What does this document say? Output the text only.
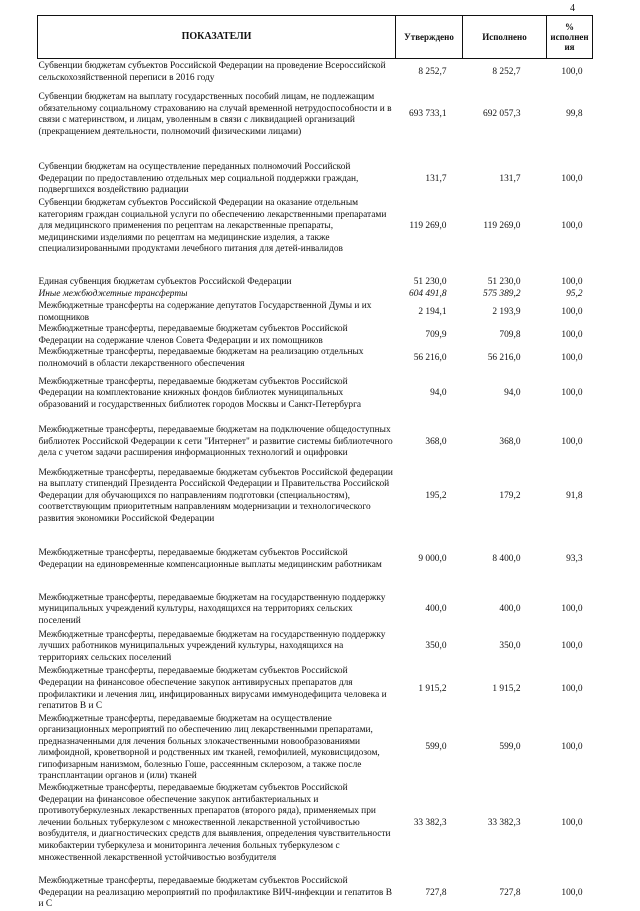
4
ПОКАЗАТЕЛИ	Утверждено	Исполнено	%
исполнен
ия
Субвенции бюджетам субъектов Российской Федерации на проведение Всероссийской сельскохозяйственной переписи в 2016 году	8 252,7	8 252,7	100,0
Субвенции бюджетам на выплату государственных пособий лицам, не подлежащим обязательному социальному страхованию на случай временной нетрудоспособности и в связи с материнством, и лицам, уволенным в связи с ликвидацией организаций (прекращением деятельности, полномочий физическими лицами)	693 733,1	692 057,3	99,8

Субвенции бюджетам на осуществление переданных полномочий Российской Федерации по предоставлению отдельных мер социальной поддержки граждан, подвергшихся воздействию радиации	131,7	131,7	100,0
Субвенции бюджетам субъектов Российской Федерации на оказание отдельным категориям граждан социальной услуги по обеспечению лекарственными препаратами для медицинского применения по рецептам на лекарственные препараты, медицинскими изделиями по рецептам на медицинские изделия, а также специализированными продуктами лечебного питания для детей-инвалидов	119 269,0	119 269,0	100,0

Единая субвенция бюджетам субъектов Российской Федерации	51 230,0	51 230,0	100,0
Иные межбюджетные трансферты	604 491,8	575 389,2	95,2
Межбюджетные трансферты на содержание депутатов Государственной Думы и их помощников	2 194,1	2 193,9	100,0
Межбюджетные трансферты, передаваемые бюджетам субъектов Российской Федерации на содержание членов Совета Федерации и их помощников	709,9	709,8	100,0
Межбюджетные трансферты, передаваемые бюджетам на реализацию отдельных полномочий в области лекарственного обеспечения	56 216,0	56 216,0	100,0
Межбюджетные трансферты, передаваемые бюджетам субъектов Российской Федерации на комплектование книжных фондов библиотек муниципальных образований и государственных библиотек городов Москвы и Санкт-Петербурга	94,0	94,0	100,0
Межбюджетные трансферты, передаваемые бюджетам на подключение общедоступных библиотек Российской Федерации к сети "Интернет" и развитие системы библиотечного дела с учетом задачи расширения информационных технологий и оцифровки	368,0	368,0	100,0
Межбюджетные трансферты, передаваемые бюджетам субъектов Российской федерации на выплату стипендий Президента Российской Федерации и Правительства Российской Федерации для обучающихся по направлениям подготовки (специальностям), соответствующим приоритетным направлениям модернизации и технологического развития экономики Российской Федерации	195,2	179,2	91,8

Межбюджетные трансферты, передаваемые бюджетам субъектов Российской Федерации на единовременные компенсационные выплаты медицинским работникам	9 000,0	8 400,0	93,3

Межбюджетные трансферты, передаваемые бюджетам на государственную поддержку муниципальных учреждений культуры, находящихся на территориях сельских поселений	400,0	400,0	100,0
Межбюджетные трансферты, передаваемые бюджетам на государственную поддержку лучших работников муниципальных учреждений культуры, находящихся на территориях сельских поселений	350,0	350,0	100,0
Межбюджетные трансферты, передаваемые бюджетам субъектов Российской Федерации на финансовое обеспечение закупок антивирусных препаратов для профилактики и лечения лиц, инфицированных вирусами иммунодефицита человека и гепатитов В и С	1 915,2	1 915,2	100,0
Межбюджетные трансферты, передаваемые бюджетам на осуществление организационных мероприятий по обеспечению лиц лекарственными препаратами, предназначенными для лечения больных злокачественными новообразованиями лимфоидной, кроветворной и родственных им тканей, гемофилией, муковисцидозом, гипофизарным нанизмом, болезнью Гоше, рассеянным склерозом, а также после трансплантации органов и (или) тканей	599,0	599,0	100,0
Межбюджетные трансферты, передаваемые бюджетам субъектов Российской Федерации на финансовое обеспечение закупок антибактериальных и противотуберкулезных лекарственных препаратов (второго ряда), применяемых при лечении больных туберкулезом с множественной лекарственной устойчивостью возбудителя, и диагностических средств для выявления, определения чувствительности микобактерии туберкулеза и мониторинга лечения больных туберкулезом с множественной лекарственной устойчивостью возбудителя	33 382,3	33 382,3	100,0

Межбюджетные трансферты, передаваемые бюджетам субъектов Российской Федерации на реализацию мероприятий по профилактике ВИЧ-инфекции и гепатитов В и С	727,8	727,8	100,0
